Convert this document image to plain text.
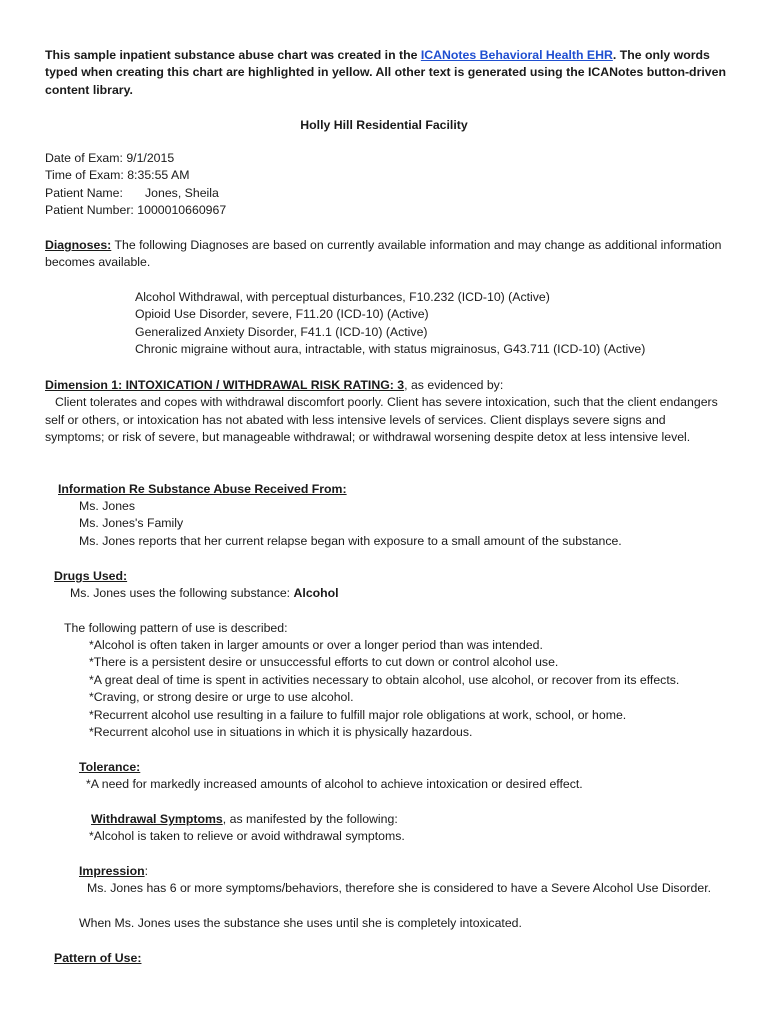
This sample inpatient substance abuse chart was created in the ICANotes Behavioral Health EHR. The only words typed when creating this chart are highlighted in yellow. All other text is generated using the ICANotes button-driven content library.
Holly Hill Residential Facility
Date of Exam: 9/1/2015
Time of Exam: 8:35:55 AM
Patient Name: Jones, Sheila
Patient Number: 1000010660967
Diagnoses: The following Diagnoses are based on currently available information and may change as additional information becomes available.
Alcohol Withdrawal, with perceptual disturbances, F10.232 (ICD-10) (Active)
Opioid Use Disorder, severe, F11.20 (ICD-10) (Active)
Generalized Anxiety Disorder, F41.1 (ICD-10) (Active)
Chronic migraine without aura, intractable, with status migrainosus, G43.711 (ICD-10) (Active)
Dimension 1: INTOXICATION / WITHDRAWAL RISK RATING: 3, as evidenced by:
Client tolerates and copes with withdrawal discomfort poorly. Client has severe intoxication, such that the client endangers self or others, or intoxication has not abated with less intensive levels of services. Client displays severe signs and symptoms; or risk of severe, but manageable withdrawal; or withdrawal worsening despite detox at less intensive level.
Information Re Substance Abuse Received From:
Ms. Jones
Ms. Jones's Family
Ms. Jones reports that her current relapse began with exposure to a small amount of the substance.
Drugs Used:
Ms. Jones uses the following substance: Alcohol
The following pattern of use is described:
*Alcohol is often taken in larger amounts or over a longer period than was intended.
*There is a persistent desire or unsuccessful efforts to cut down or control alcohol use.
*A great deal of time is spent in activities necessary to obtain alcohol, use alcohol, or recover from its effects.
*Craving, or strong desire or urge to use alcohol.
*Recurrent alcohol use resulting in a failure to fulfill major role obligations at work, school, or home.
*Recurrent alcohol use in situations in which it is physically hazardous.
Tolerance:
*A need for markedly increased amounts of alcohol to achieve intoxication or desired effect.
Withdrawal Symptoms, as manifested by the following:
*Alcohol is taken to relieve or avoid withdrawal symptoms.
Impression:
Ms. Jones has 6 or more symptoms/behaviors, therefore she is considered to have a Severe Alcohol Use Disorder.
When Ms. Jones uses the substance she uses until she is completely intoxicated.
Pattern of Use:
